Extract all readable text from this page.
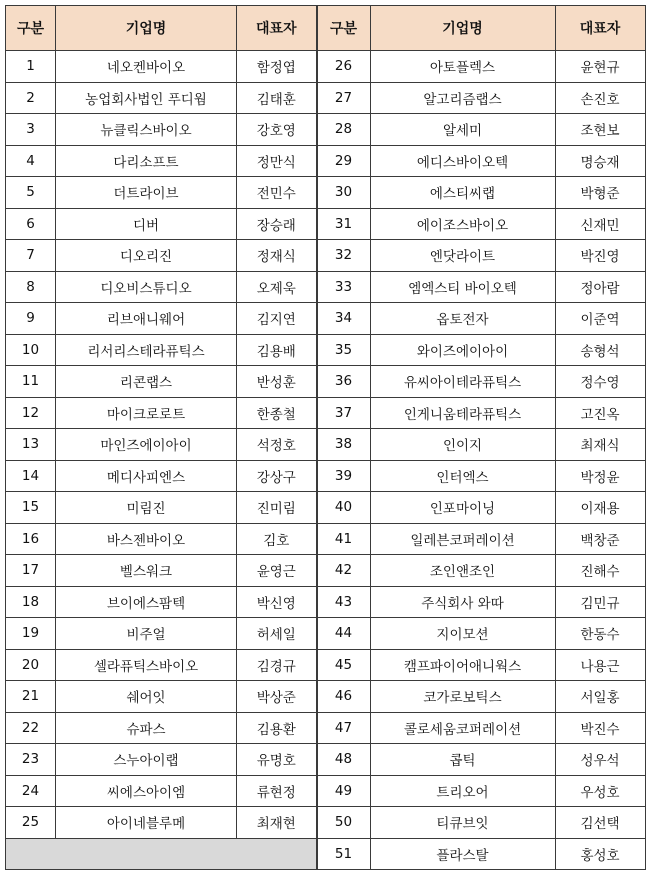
구분	기업명	대표자
1	네오켄바이오	함정엽
2	농업회사법인 푸디웜	김태훈
3	뉴클릭스바이오	강호영
4	다리소프트	정만식
5	더트라이브	전민수
6	디버	장승래
7	디오리진	정재식
8	디오비스튜디오	오제욱
9	리브애니웨어	김지연
10	리서리스테라퓨틱스	김용배
11	리콘랩스	반성훈
12	마이크로로트	한종철
13	마인즈에이아이	석정호
14	메디사피엔스	강상구
15	미림진	진미림
16	바스젠바이오	김호
17	벨스워크	윤영근
18	브이에스팜텍	박신영
19	비주얼	허세일
20	셀라퓨틱스바이오	김경규
21	쉐어잇	박상준
22	슈파스	김용환
23	스누아이랩	유명호
24	씨에스아이엠	류현정
25	아이네블루메	최재현

구분	기업명	대표자
26	아토플렉스	윤현규
27	알고리즘랩스	손진호
28	알세미	조현보
29	에디스바이오텍	명승재
30	에스티씨랩	박형준
31	에이조스바이오	신재민
32	엔닷라이트	박진영
33	엠엑스티 바이오텍	정아람
34	옵토전자	이준역
35	와이즈에이아이	송형석
36	유씨아이테라퓨틱스	정수영
37	인게니움테라퓨틱스	고진옥
38	인이지	최재식
39	인터엑스	박정윤
40	인포마이닝	이재용
41	일레븐코퍼레이션	백창준
42	조인앤조인	진해수
43	주식회사 와따	김민규
44	지이모션	한동수
45	캠프파이어애니웍스	나용근
46	코가로보틱스	서일홍
47	콜로세움코퍼레이션	박진수
48	콥틱	성우석
49	트리오어	우성호
50	티큐브잇	김선택
51	플라스탈	홍성호
